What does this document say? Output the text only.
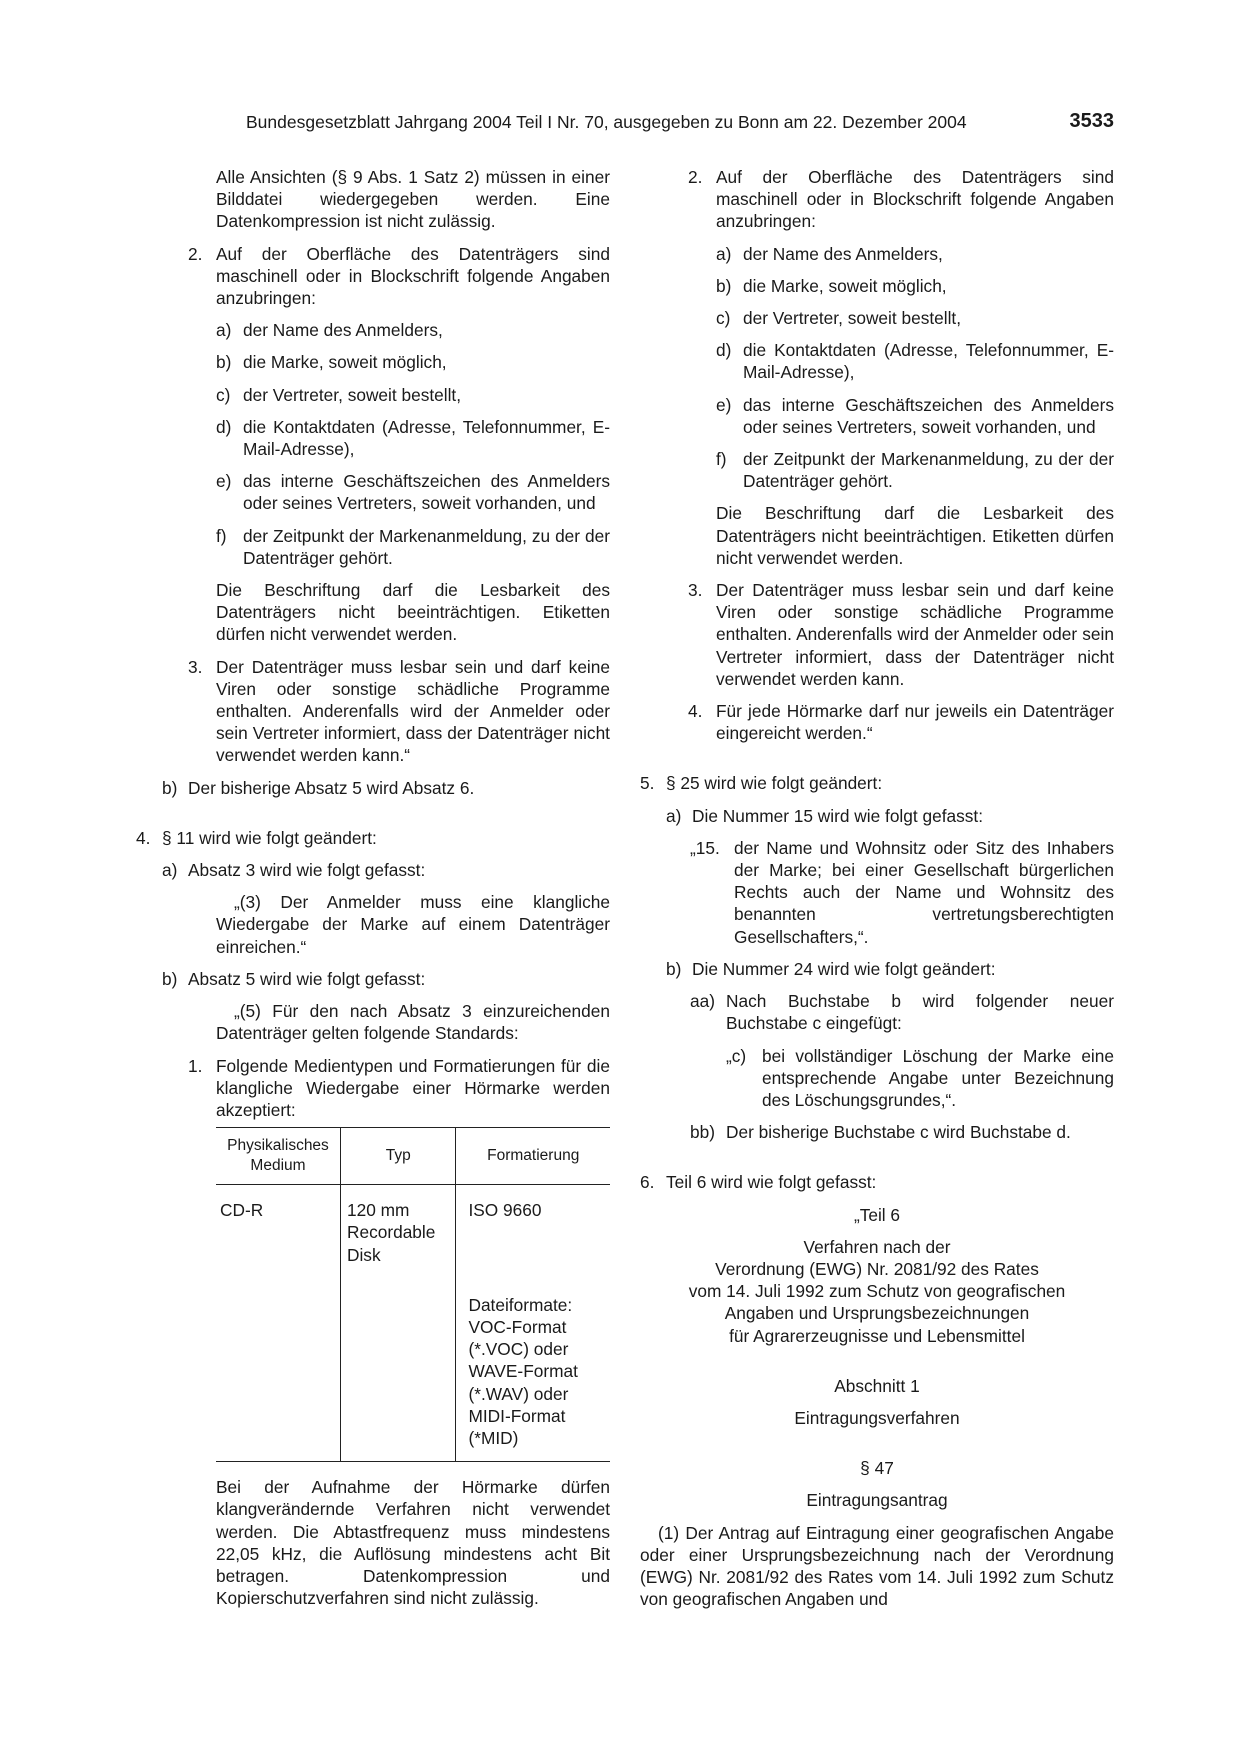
Bundesgesetzblatt Jahrgang 2004 Teil I Nr. 70, ausgegeben zu Bonn am 22. Dezember 2004	3533

Alle Ansichten (§ 9 Abs. 1 Satz 2) müssen in einer Bilddatei wiedergegeben werden. Eine Datenkompression ist nicht zulässig.

2. Auf der Oberfläche des Datenträgers sind maschinell oder in Blockschrift folgende Angaben anzubringen:
a) der Name des Anmelders,
b) die Marke, soweit möglich,
c) der Vertreter, soweit bestellt,
d) die Kontaktdaten (Adresse, Telefonnummer, E-Mail-Adresse),
e) das interne Geschäftszeichen des Anmelders oder seines Vertreters, soweit vorhanden, und
f) der Zeitpunkt der Markenanmeldung, zu der der Datenträger gehört.

Die Beschriftung darf die Lesbarkeit des Datenträgers nicht beeinträchtigen. Etiketten dürfen nicht verwendet werden.

3. Der Datenträger muss lesbar sein und darf keine Viren oder sonstige schädliche Programme enthalten. Anderenfalls wird der Anmelder oder sein Vertreter informiert, dass der Datenträger nicht verwendet werden kann.“
b) Der bisherige Absatz 5 wird Absatz 6.
4. § 11 wird wie folgt geändert:
a) Absatz 3 wird wie folgt gefasst:

„(3) Der Anmelder muss eine klangliche Wiedergabe der Marke auf einem Datenträger einreichen.“

b) Absatz 5 wird wie folgt gefasst:

„(5) Für den nach Absatz 3 einzureichenden Datenträger gelten folgende Standards:

1. Folgende Medientypen und Formatierungen für die klangliche Wiedergabe einer Hörmarke werden akzeptiert:
Physikalisches Medium	Typ	Formatierung
CD-R	120 mm Recordable Disk	ISO 9660

		Dateiformate: VOC-Format (*.VOC) oder WAVE-Format (*.WAV) oder MIDI-Format (*MID)

Bei der Aufnahme der Hörmarke dürfen klangverändernde Verfahren nicht verwendet werden. Die Abtastfrequenz muss mindestens 22,05 kHz, die Auflösung mindestens acht Bit betragen. Datenkompression und Kopierschutzverfahren sind nicht zulässig.

2. Auf der Oberfläche des Datenträgers sind maschinell oder in Blockschrift folgende Angaben anzubringen:
a) der Name des Anmelders,
b) die Marke, soweit möglich,
c) der Vertreter, soweit bestellt,
d) die Kontaktdaten (Adresse, Telefonnummer, E-Mail-Adresse),
e) das interne Geschäftszeichen des Anmelders oder seines Vertreters, soweit vorhanden, und
f) der Zeitpunkt der Markenanmeldung, zu der der Datenträger gehört.

Die Beschriftung darf die Lesbarkeit des Datenträgers nicht beeinträchtigen. Etiketten dürfen nicht verwendet werden.

3. Der Datenträger muss lesbar sein und darf keine Viren oder sonstige schädliche Programme enthalten. Anderenfalls wird der Anmelder oder sein Vertreter informiert, dass der Datenträger nicht verwendet werden kann.
4. Für jede Hörmarke darf nur jeweils ein Datenträger eingereicht werden.“
5. § 25 wird wie folgt geändert:
a) Die Nummer 15 wird wie folgt gefasst:
„15. der Name und Wohnsitz oder Sitz des Inhabers der Marke; bei einer Gesellschaft bürgerlichen Rechts auch der Name und Wohnsitz des benannten vertretungsberechtigten Gesellschafters,“.
b) Die Nummer 24 wird wie folgt geändert:
aa) Nach Buchstabe b wird folgender neuer Buchstabe c eingefügt:
„c) bei vollständiger Löschung der Marke eine entsprechende Angabe unter Bezeichnung des Löschungsgrundes,“.
bb) Der bisherige Buchstabe c wird Buchstabe d.
6. Teil 6 wird wie folgt gefasst:
„Teil 6
Verfahren nach der
Verordnung (EWG) Nr. 2081/92 des Rates
vom 14. Juli 1992 zum Schutz von geografischen
Angaben und Ursprungsbezeichnungen
für Agrarerzeugnisse und Lebensmittel
Abschnitt 1
Eintragungsverfahren
§ 47
Eintragungsantrag

(1) Der Antrag auf Eintragung einer geografischen Angabe oder einer Ursprungsbezeichnung nach der Verordnung (EWG) Nr. 2081/92 des Rates vom 14. Juli 1992 zum Schutz von geografischen Angaben und
